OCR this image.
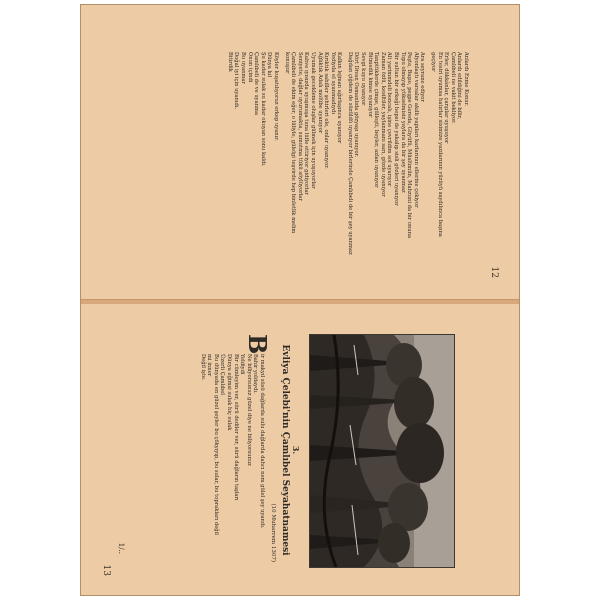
12
Anlardı Ezme Konur.
Anlardı edildiğini de bilir,
Çamlıbeli ne vakit bekliyor.
Erler, dükkânlar, çarşılar uyuşuyor
En tesiri uyumsa hatırlar sisimize yazılarının yüzüyü saydılınca başına
geçiyor
Ara seyrane ediyor
Afyonlaştı varsalar akıllı yapıları karlarının ellerine çekiyor
Peşte, Başıo, peşpe Gereda, Güyüfü, Müslümün, Mahzuni da bir onuna
Topu olmayıp yükselmisiz yaylara da bir şey uyanmaz
Bir sultan bir erkeği hepsi de yakalıp sisli gözleri uyanıyor
Alt yarimmdeli boncalı, işine çevrildim sol uyarıyor
Zaman özlü, kesiltiler, yaylanmanı sarı, gözde uyanıyor
Tanptüklerde çimşe, gülleşti, beyler, azlan uyanıyor
Bitmedik kimse uyanıyor
Sevgi kuyu uyanıyor
Dört Divan Osmanlıda gözyaşı uyanıyor.
Dağdan çiğdem de süzüldü uyanıyor birlerinde Çamlıbeli de bir şey uyanmaz
Kalkın lejman ağırlaşınca uyanıyor
Yediyıla el uyanmadıydı
Kırıktık sahiller şehirleri ele, onlar uyanıyor.
Ağlıktık Adalı molübe uyanıyor
Uyumak gecekleme oluşlar gülmek için uyuşuyorlar
Kahve ıyısızda uyuşmuşa tuna lüfle ettiriyor gidiyorlar
Seniyete, dağlar uyurumakta, sumutma tükü söylüyorlar
Çamlıbeli de ekim eğer, o lüliyle, gülelgi teşvirde hep binletlik melim
konuşur
Köyler kuşatılıyoruz erkep uyanır.
Dünya kıl
Şu kadar sulak su kadar okuyan sonu kaldı.
Çamlıbeli de ve uyanma
Onun içindi
Bu uyanmar
Doğal iyi için uyanıdı.
Bitirdik
3.
Evliya Çelebi'nin Çamlıbel Seyahatnamesi
(10 Muharrem 1307)
B
ir makyıl süsü dağlarda sulu dağlarda dahcı nem gülel şey uyandı.
Bahir yoldaydı.
Ne biliyorsunuz güzel diye ne biliyorsunuz
Yeldiydi
Bir cümleyim ver, sürü dediler ver, sürü dağların taşları
Dünya eğimsi sulak hiç sulak
Üzerli Çamlıbel
Bu dünyada en güzel şeyler bu çökyıyıp, bu sular, bu toprakları değil
mi inner
Değil işte.
1/..
13
